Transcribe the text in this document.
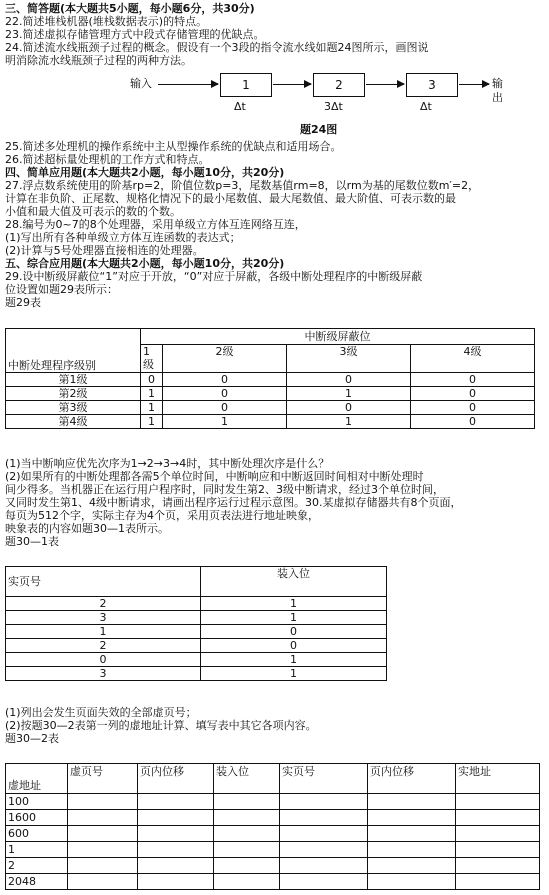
三、简答题(本大题共5小题，每小题6分，共30分)
22.简述堆栈机器(堆栈数据表示)的特点。
23.简述虚拟存储管理方式中段式存储管理的优缺点。
24.简述流水线瓶颈子过程的概念。假设有一个3段的指令流水线如题24图所示，画图说
明消除流水线瓶颈子过程的两种方法。
输入	1	2	3	输出
Δt	3Δt	Δt
题24图
25.简述多处理机的操作系统中主从型操作系统的优缺点和适用场合。
26.简述超标量处理机的工作方式和特点。
四、简单应用题(本大题共2小题，每小题10分，共20分)
27.浮点数系统使用的阶基rp=2，阶值位数p=3，尾数基值rm=8，以rm为基的尾数位数m′=2，
计算在非负阶、正尾数、规格化情况下的最小尾数值、最大尾数值、最大阶值、可表示数的最
小值和最大值及可表示的数的个数。
28.编号为0~7的8个处理器，采用单级立方体互连网络互连，
(1)写出所有各种单级立方体互连函数的表达式；
(2)计算与5号处理器直接相连的处理器。
五、综合应用题(本大题共2小题，每小题10分，共20分)
29.设中断级屏蔽位“1”对应于开放，“0”对应于屏蔽，各级中断处理程序的中断级屏蔽
位设置如题29表所示：
题29表
中断处理程序级别	中断级屏蔽位			
	1级	2级	3级	4级
第1级	0	0	0	0
第2级	1	0	1	0
第3级	1	0	0	0
第4级	1	1	1	0
(1)当中断响应优先次序为1→2→3→4时，其中断处理次序是什么？
(2)如果所有的中断处理都各需5个单位时间，中断响应和中断返回时间相对中断处理时
间少得多。当机器正在运行用户程序时，同时发生第2、3级中断请求，经过3个单位时间，
又同时发生第1、4级中断请求，请画出程序运行过程示意图。30.某虚拟存储器共有8个页面，
每页为512个字，实际主存为4个页，采用页表法进行地址映象，
映象表的内容如题30—1表所示。
题30—1表
实页号	装入位
2	1
3	1
1	0
2	0
0	1
3	1
(1)列出会发生页面失效的全部虚页号；
(2)按题30—2表第一列的虚地址计算、填写表中其它各项内容。
题30—2表
虚地址	虚页号	页内位移	装入位	实页号	页内位移	实地址
100						
1600						
600						
1						
2						
2048						
